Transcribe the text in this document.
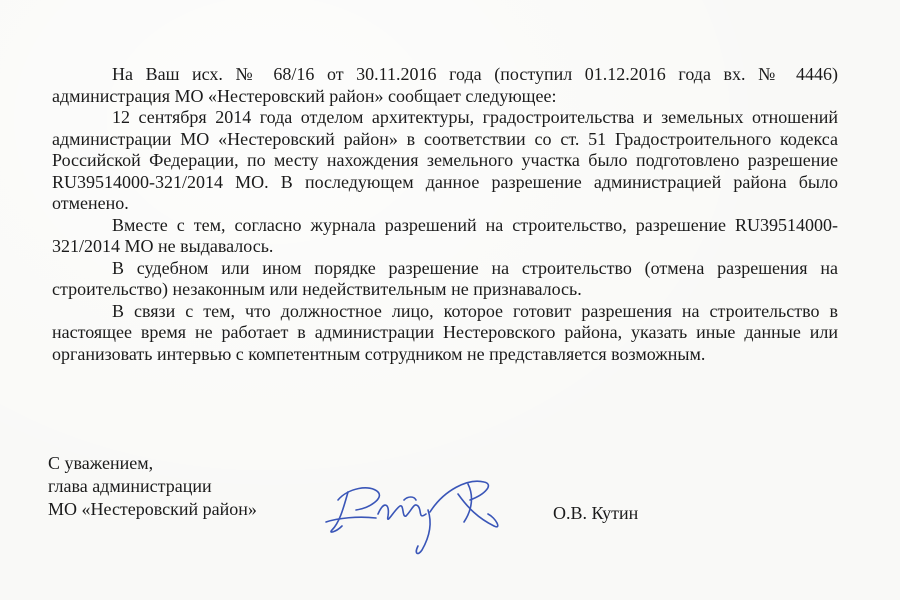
На Ваш исх. № 68/16 от 30.11.2016 года (поступил 01.12.2016 года вх. № 4446) администрация МО «Нестеровский район» сообщает следующее:

12 сентября 2014 года отделом архитектуры, градостроительства и земельных отношений администрации МО «Нестеровский район» в соответствии со ст. 51 Градостроительного кодекса Российской Федерации, по месту нахождения земельного участка было подготовлено разрешение RU39514000-321/2014 МО. В последующем данное разрешение администрацией района было отменено.

Вместе с тем, согласно журнала разрешений на строительство, разрешение RU39514000-321/2014 МО не выдавалось.

В судебном или ином порядке разрешение на строительство (отмена разрешения на строительство) незаконным или недействительным не признавалось.

В связи с тем, что должностное лицо, которое готовит разрешения на строительство в настоящее время не работает в администрации Нестеровского района, указать иные данные или организовать интервью с компетентным сотрудником не представляется возможным.

С уважением,
глава администрации
МО «Нестеровский район»	О.В. Кутин
